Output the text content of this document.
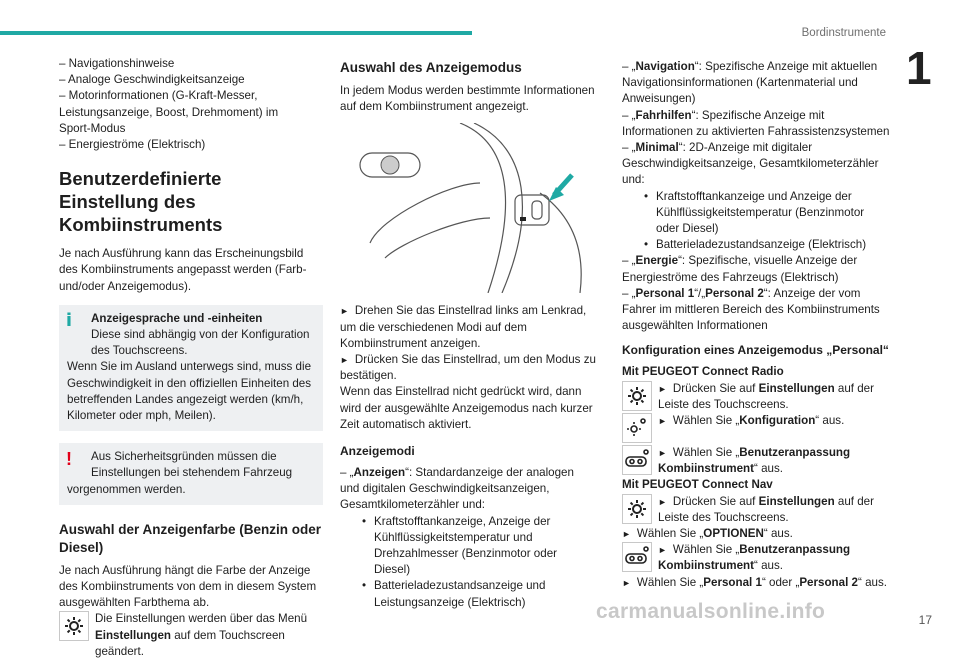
Bordinstrumente
1

– Navigationshinweise

– Analoge Geschwindigkeitsanzeige

– Motorinformationen (G-Kraft-Messer,

Leistungsanzeige, Boost, Drehmoment) im

Sport-Modus

– Energieströme (Elektrisch)

Benutzerdefinierte Einstellung des Kombiinstruments

Je nach Ausführung kann das Erscheinungsbild des Kombiinstruments angepasst werden (Farb- und/oder Anzeigemodus).

i	Anzeigesprache und -einheiten
Diese sind abhängig von der Konfiguration des Touchscreens.
Wenn Sie im Ausland unterwegs sind, muss die Geschwindigkeit in den offiziellen Einheiten des betreffenden Landes angezeigt werden (km/h, Kilometer oder mph, Meilen).
!	Aus Sicherheitsgründen müssen die
Einstellungen bei stehendem Fahrzeug
vorgenommen werden.
Auswahl der Anzeigenfarbe (Benzin oder Diesel)

Je nach Ausführung hängt die Farbe der Anzeige des Kombiinstruments von dem in diesem System ausgewählten Farbthema ab.

Die Einstellungen werden über das Menü
Einstellungen auf dem Touchscreen geändert.
Auswahl des Anzeigemodus

In jedem Modus werden bestimmte Informationen auf dem Kombiinstrument angezeigt.

► Drehen Sie das Einstellrad links am Lenkrad, um die verschiedenen Modi auf dem Kombiinstrument anzeigen.

► Drücken Sie das Einstellrad, um den Modus zu bestätigen.

Wenn das Einstellrad nicht gedrückt wird, dann wird der ausgewählte Anzeigemodus nach kurzer Zeit automatisch aktiviert.

Anzeigemodi

– „Anzeigen“: Standardanzeige der analogen und digitalen Geschwindigkeitsanzeigen, Gesamtkilometerzähler und:

• Kraftstofftankanzeige, Anzeige der Kühlflüssigkeitstemperatur und Drehzahlmesser (Benzinmotor oder Diesel)
• Batterieladezustandsanzeige und Leistungsanzeige (Elektrisch)

– „Navigation“: Spezifische Anzeige mit aktuellen Navigationsinformationen (Kartenmaterial und Anweisungen)

– „Fahrhilfen“: Spezifische Anzeige mit Informationen zu aktivierten Fahrassistenzsystemen

– „Minimal“: 2D-Anzeige mit digitaler Geschwindigkeitsanzeige, Gesamtkilometerzähler und:

• Kraftstofftankanzeige und Anzeige der Kühlflüssigkeitstemperatur (Benzinmotor oder Diesel)
• Batterieladezustandsanzeige (Elektrisch)

– „Energie“: Spezifische, visuelle Anzeige der Energieströme des Fahrzeugs (Elektrisch)

– „Personal 1“/„Personal 2“: Anzeige der vom Fahrer im mittleren Bereich des Kombiinstruments ausgewählten Informationen

Konfiguration eines Anzeigemodus „Personal“

Mit PEUGEOT Connect Radio

► Drücken Sie auf Einstellungen auf der Leiste des Touchscreens.
► Wählen Sie „Konfiguration“ aus.
► Wählen Sie „Benutzeranpassung Kombiinstrument“ aus.

Mit PEUGEOT Connect Nav

► Drücken Sie auf Einstellungen auf der Leiste des Touchscreens.

► Wählen Sie „OPTIONEN“ aus.

► Wählen Sie „Benutzeranpassung Kombiinstrument“ aus.

► Wählen Sie „Personal 1“ oder „Personal 2“ aus.

carmanualsonline.info	17
